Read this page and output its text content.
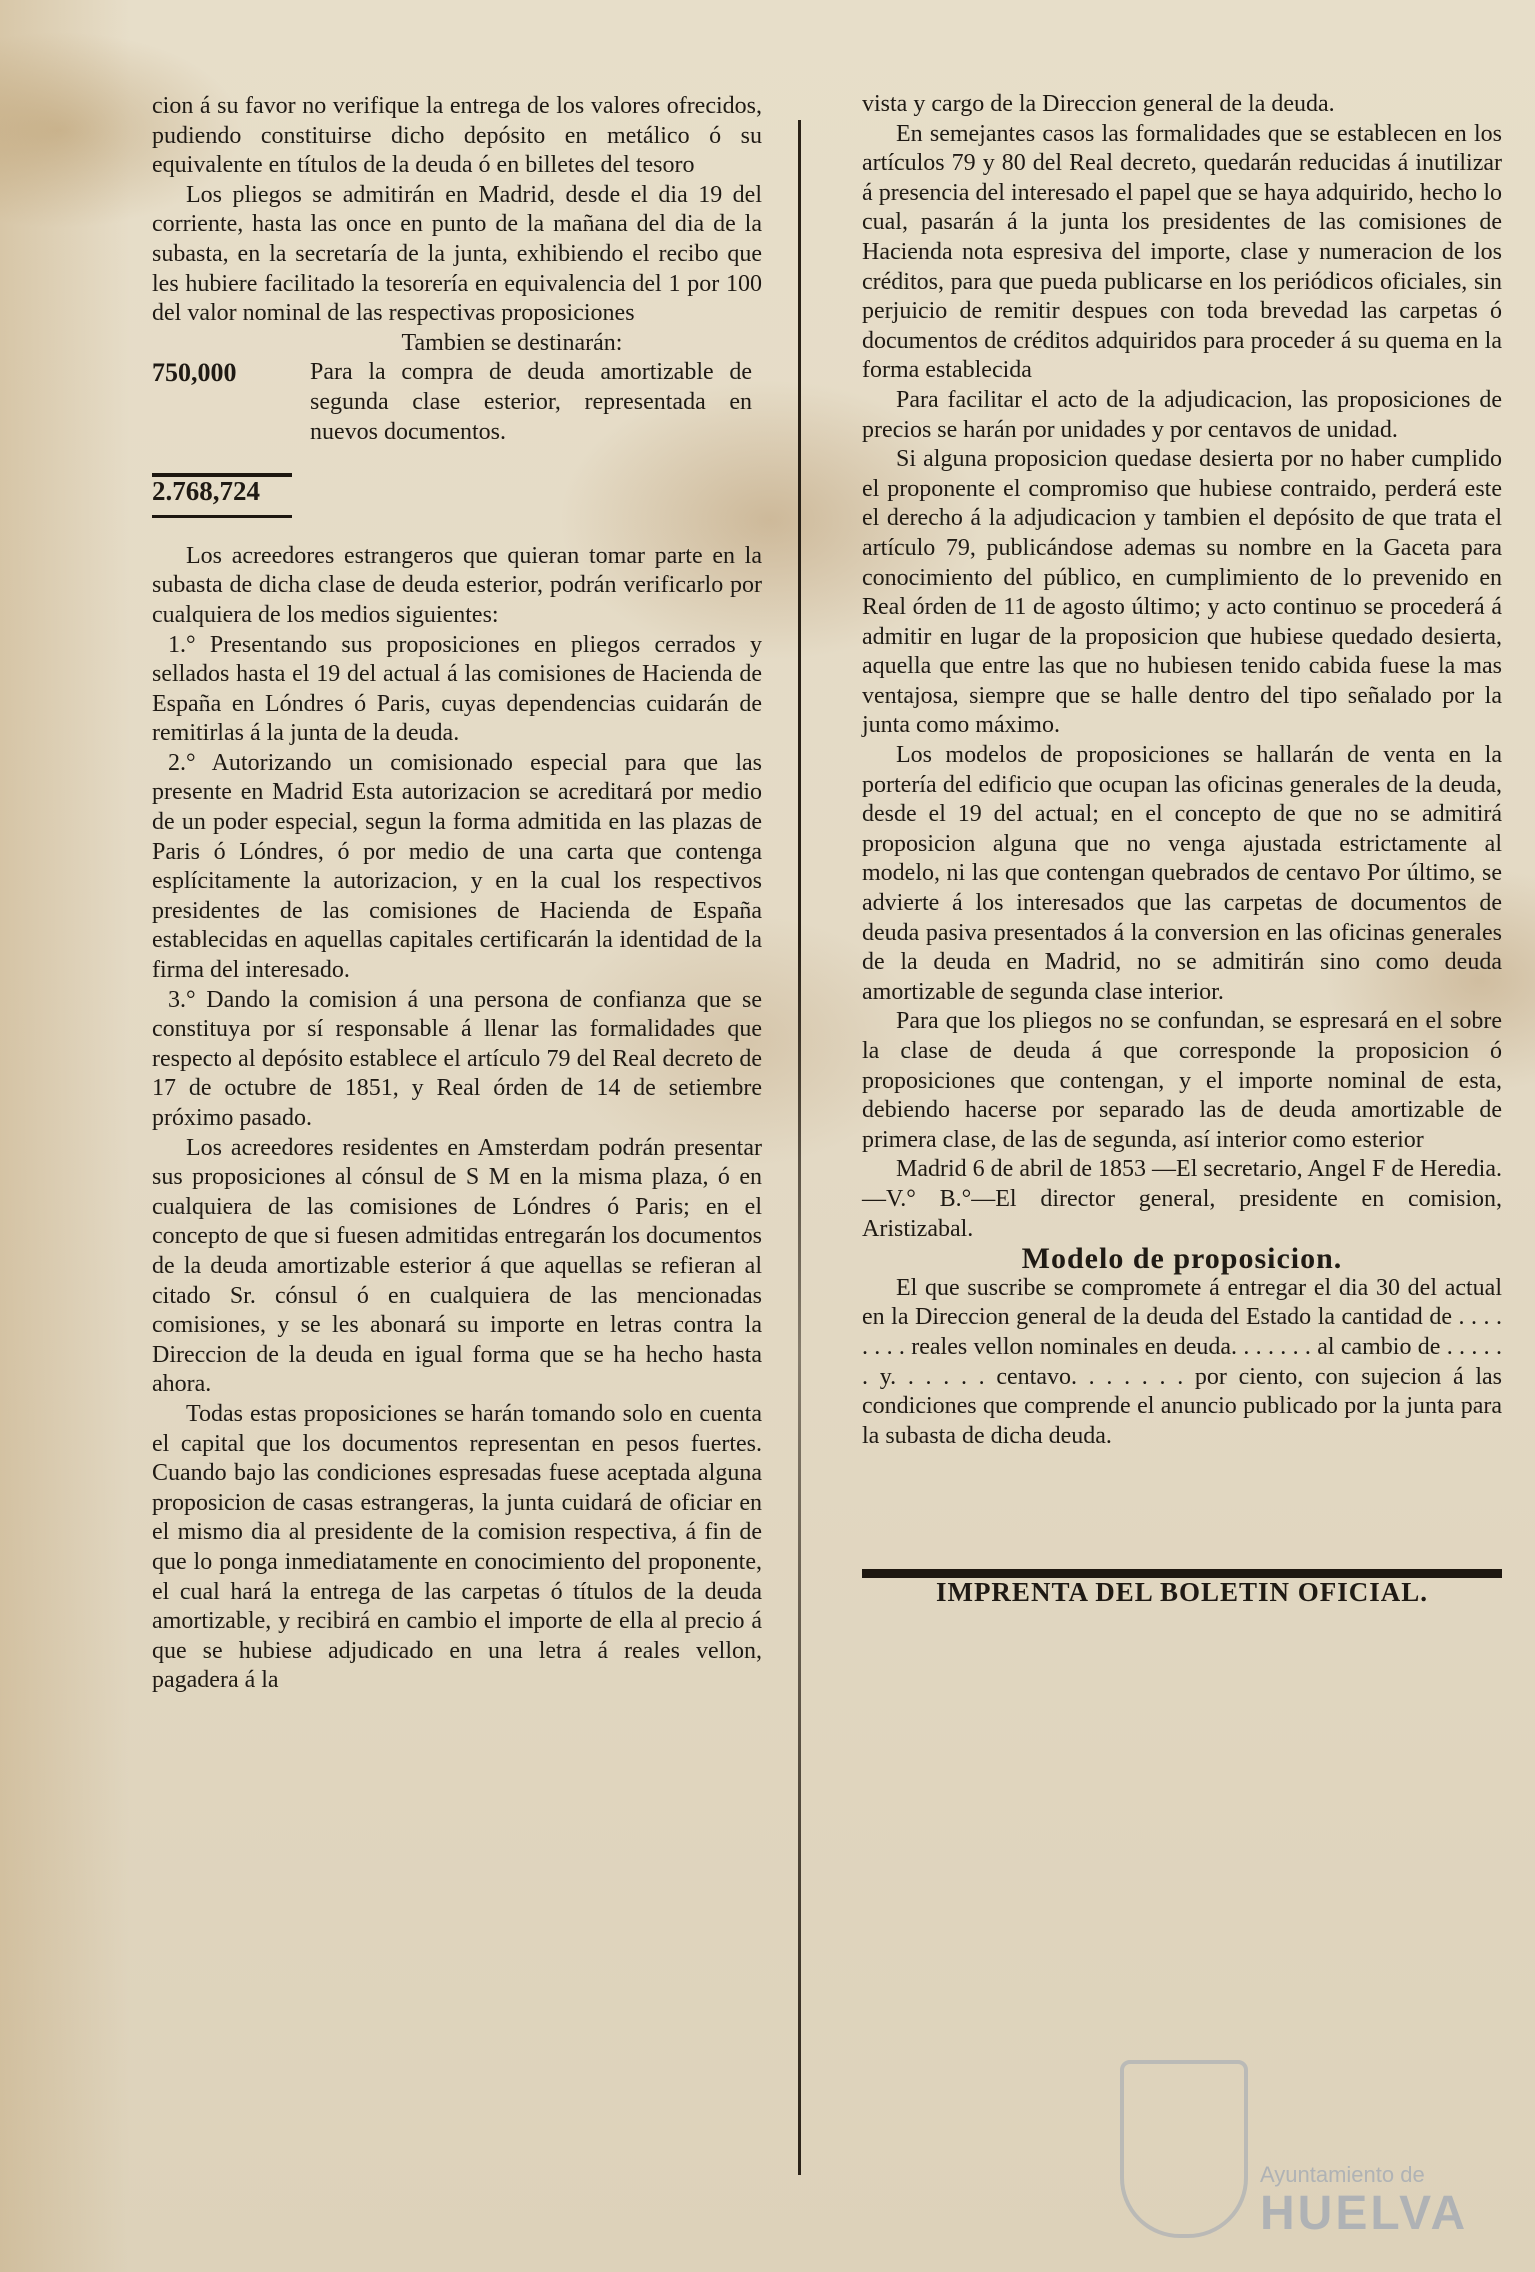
cion á su favor no verifique la entrega de los valores ofrecidos, pudiendo constituirse dicho depósito en metálico ó su equivalente en títulos de la deuda ó en billetes del tesoro

Los pliegos se admitirán en Madrid, desde el dia 19 del corriente, hasta las once en punto de la mañana del dia de la subasta, en la secretaría de la junta, exhibiendo el recibo que les hubiere facilitado la tesorería en equivalencia del 1 por 100 del valor nominal de las respectivas proposiciones

Tambien se destinarán:

750,000	Para la compra de deuda amortizable de segunda clase esterior, representada en nuevos documentos.

2.768,724

Los acreedores estrangeros que quieran tomar parte en la subasta de dicha clase de deuda esterior, podrán verificarlo por cualquiera de los medios siguientes:

1.° Presentando sus proposiciones en pliegos cerrados y sellados hasta el 19 del actual á las comisiones de Hacienda de España en Lóndres ó Paris, cuyas dependencias cuidarán de remitirlas á la junta de la deuda.

2.° Autorizando un comisionado especial para que las presente en Madrid Esta autorizacion se acreditará por medio de un poder especial, segun la forma admitida en las plazas de Paris ó Lóndres, ó por medio de una carta que contenga esplícitamente la autorizacion, y en la cual los respectivos presidentes de las comisiones de Hacienda de España establecidas en aquellas capitales certificarán la identidad de la firma del interesado.

3.° Dando la comision á una persona de confianza que se constituya por sí responsable á llenar las formalidades que respecto al depósito establece el artículo 79 del Real decreto de 17 de octubre de 1851, y Real órden de 14 de setiembre próximo pasado.

Los acreedores residentes en Amsterdam podrán presentar sus proposiciones al cónsul de S M en la misma plaza, ó en cualquiera de las comisiones de Lóndres ó Paris; en el concepto de que si fuesen admitidas entregarán los documentos de la deuda amortizable esterior á que aquellas se refieran al citado Sr. cónsul ó en cualquiera de las mencionadas comisiones, y se les abonará su importe en letras contra la Direccion de la deuda en igual forma que se ha hecho hasta ahora.

Todas estas proposiciones se harán tomando solo en cuenta el capital que los documentos representan en pesos fuertes. Cuando bajo las condiciones espresadas fuese aceptada alguna proposicion de casas estrangeras, la junta cuidará de oficiar en el mismo dia al presidente de la comision respectiva, á fin de que lo ponga inmediatamente en conocimiento del proponente, el cual hará la entrega de las carpetas ó títulos de la deuda amortizable, y recibirá en cambio el importe de ella al precio á que se hubiese adjudicado en una letra á reales vellon, pagadera á la

vista y cargo de la Direccion general de la deuda.

En semejantes casos las formalidades que se establecen en los artículos 79 y 80 del Real decreto, quedarán reducidas á inutilizar á presencia del interesado el papel que se haya adquirido, hecho lo cual, pasarán á la junta los presidentes de las comisiones de Hacienda nota espresiva del importe, clase y numeracion de los créditos, para que pueda publicarse en los periódicos oficiales, sin perjuicio de remitir despues con toda brevedad las carpetas ó documentos de créditos adquiridos para proceder á su quema en la forma establecida

Para facilitar el acto de la adjudicacion, las proposiciones de precios se harán por unidades y por centavos de unidad.

Si alguna proposicion quedase desierta por no haber cumplido el proponente el compromiso que hubiese contraido, perderá este el derecho á la adjudicacion y tambien el depósito de que trata el artículo 79, publicándose ademas su nombre en la Gaceta para conocimiento del público, en cumplimiento de lo prevenido en Real órden de 11 de agosto último; y acto continuo se procederá á admitir en lugar de la proposicion que hubiese quedado desierta, aquella que entre las que no hubiesen tenido cabida fuese la mas ventajosa, siempre que se halle dentro del tipo señalado por la junta como máximo.

Los modelos de proposiciones se hallarán de venta en la portería del edificio que ocupan las oficinas generales de la deuda, desde el 19 del actual; en el concepto de que no se admitirá proposicion alguna que no venga ajustada estrictamente al modelo, ni las que contengan quebrados de centavo Por último, se advierte á los interesados que las carpetas de documentos de deuda pasiva presentados á la conversion en las oficinas generales de la deuda en Madrid, no se admitirán sino como deuda amortizable de segunda clase interior.

Para que los pliegos no se confundan, se espresará en el sobre la clase de deuda á que corresponde la proposicion ó proposiciones que contengan, y el importe nominal de esta, debiendo hacerse por separado las de deuda amortizable de primera clase, de las de segunda, así interior como esterior

Madrid 6 de abril de 1853 —El secretario, Angel F de Heredia.—V.° B.°—El director general, presidente en comision, Aristizabal.

Modelo de proposicion.

El que suscribe se compromete á entregar el dia 30 del actual en la Direccion general de la deuda del Estado la cantidad de . . . . . . . . reales vellon nominales en deuda. . . . . . . al cambio de . . . . . . y. . . . . . centavo. . . . . . . por ciento, con sujecion á las condiciones que comprende el anuncio publicado por la junta para la subasta de dicha deuda.

IMPRENTA DEL BOLETIN OFICIAL.

Ayuntamiento de
HUELVA
